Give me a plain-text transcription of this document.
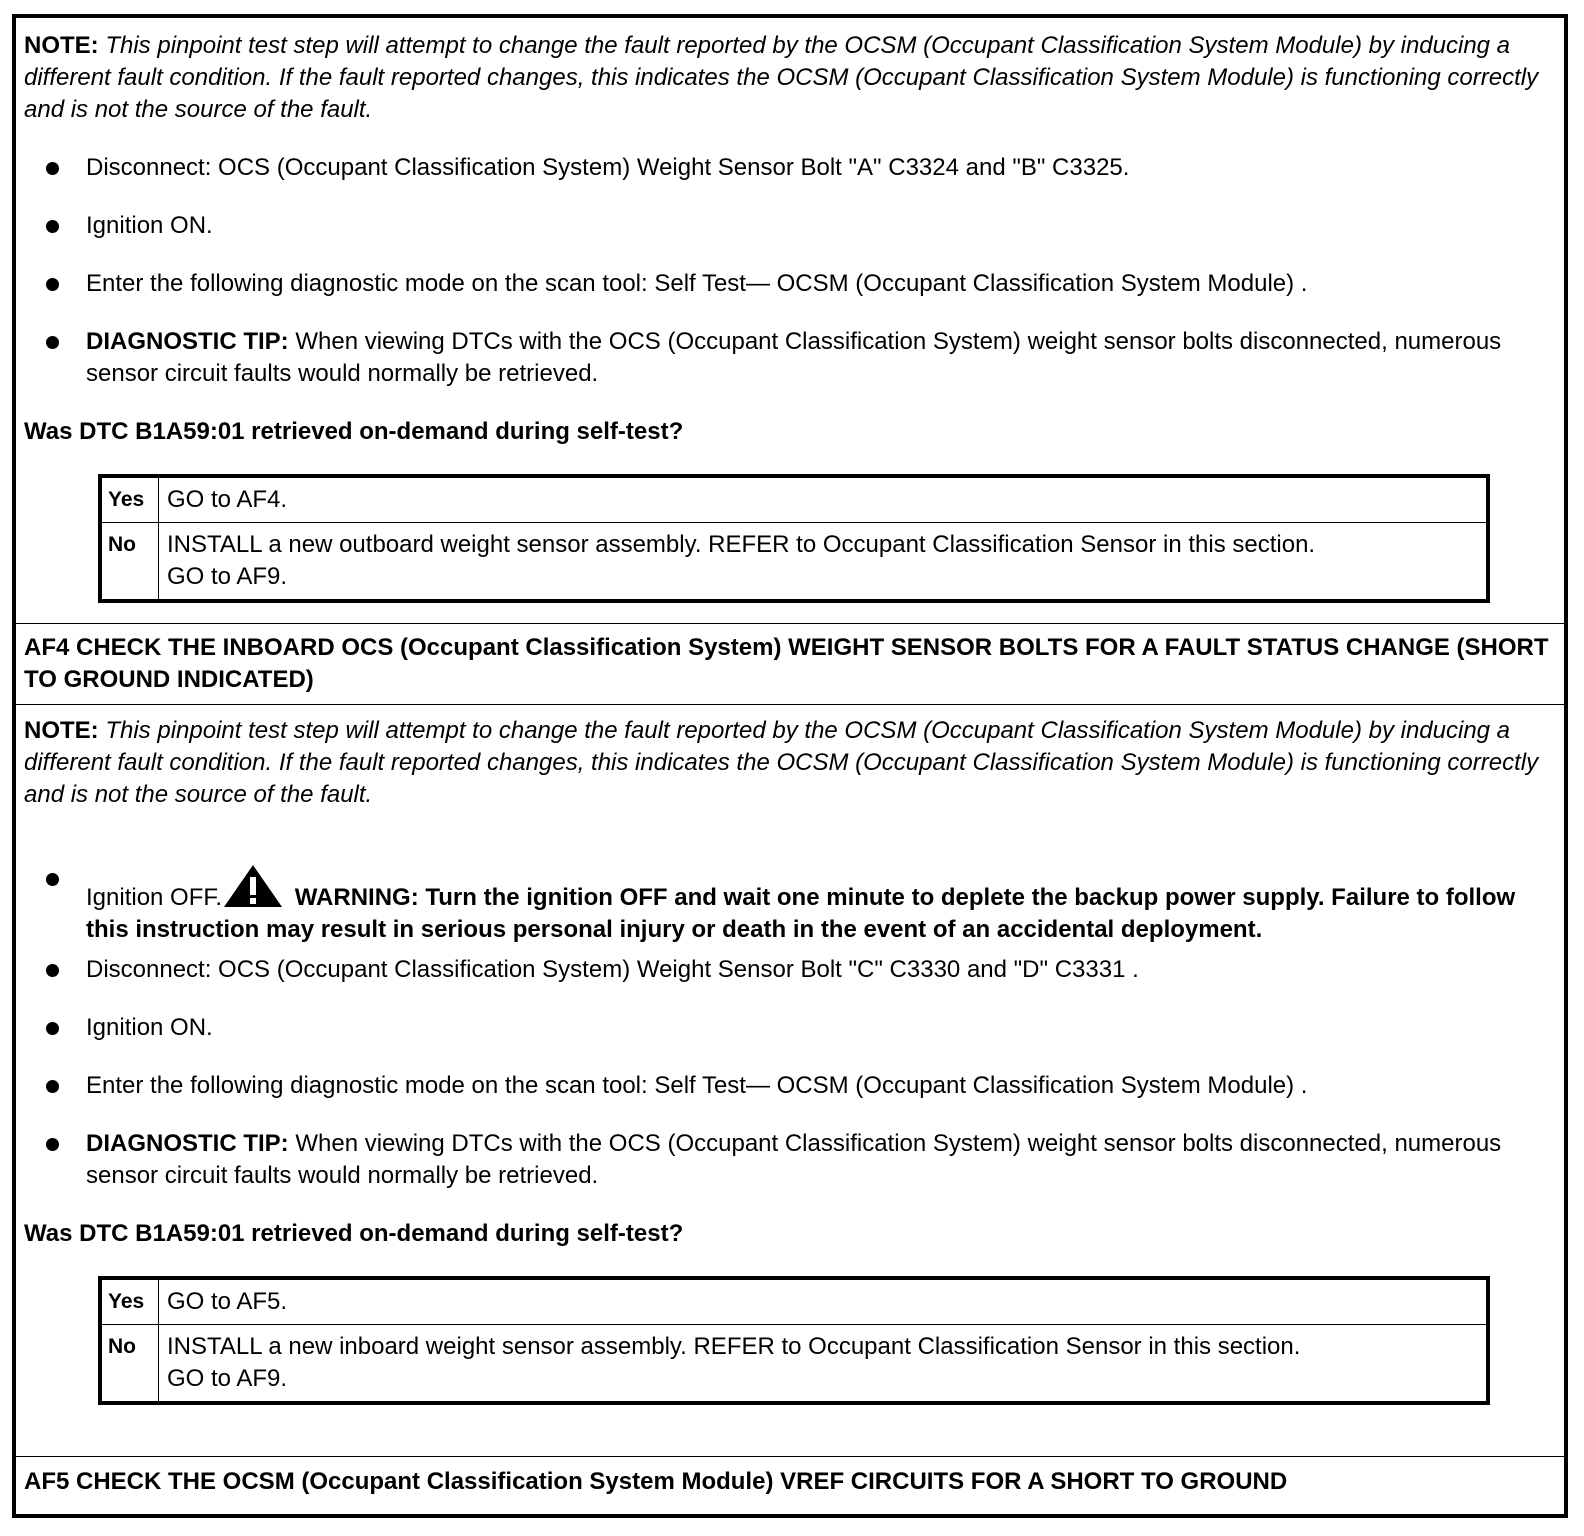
NOTE: This pinpoint test step will attempt to change the fault reported by the OCSM (Occupant Classification System Module) by inducing a different fault condition. If the fault reported changes, this indicates the OCSM (Occupant Classification System Module) is functioning correctly and is not the source of the fault.
Disconnect: OCS (Occupant Classification System) Weight Sensor Bolt "A" C3324 and "B" C3325.
Ignition ON.
Enter the following diagnostic mode on the scan tool: Self Test— OCSM (Occupant Classification System Module) .
DIAGNOSTIC TIP: When viewing DTCs with the OCS (Occupant Classification System) weight sensor bolts disconnected, numerous sensor circuit faults would normally be retrieved.
Was DTC B1A59:01 retrieved on-demand during self-test?
Yes	GO to AF4.
No	INSTALL a new outboard weight sensor assembly. REFER to Occupant Classification Sensor in this section.
GO to AF9.
AF4 CHECK THE INBOARD OCS (Occupant Classification System) WEIGHT SENSOR BOLTS FOR A FAULT STATUS CHANGE (SHORT TO GROUND INDICATED)
NOTE: This pinpoint test step will attempt to change the fault reported by the OCSM (Occupant Classification System Module) by inducing a different fault condition. If the fault reported changes, this indicates the OCSM (Occupant Classification System Module) is functioning correctly and is not the source of the fault.
Ignition OFF.	WARNING: Turn the ignition OFF and wait one minute to deplete the backup power supply. Failure to follow this instruction may result in serious personal injury or death in the event of an accidental deployment.
Disconnect: OCS (Occupant Classification System) Weight Sensor Bolt "C" C3330 and "D" C3331 .
Ignition ON.
Enter the following diagnostic mode on the scan tool: Self Test— OCSM (Occupant Classification System Module) .
DIAGNOSTIC TIP: When viewing DTCs with the OCS (Occupant Classification System) weight sensor bolts disconnected, numerous sensor circuit faults would normally be retrieved.
Was DTC B1A59:01 retrieved on-demand during self-test?
Yes	GO to AF5.
No	INSTALL a new inboard weight sensor assembly. REFER to Occupant Classification Sensor in this section.
GO to AF9.
AF5 CHECK THE OCSM (Occupant Classification System Module) VREF CIRCUITS FOR A SHORT TO GROUND
